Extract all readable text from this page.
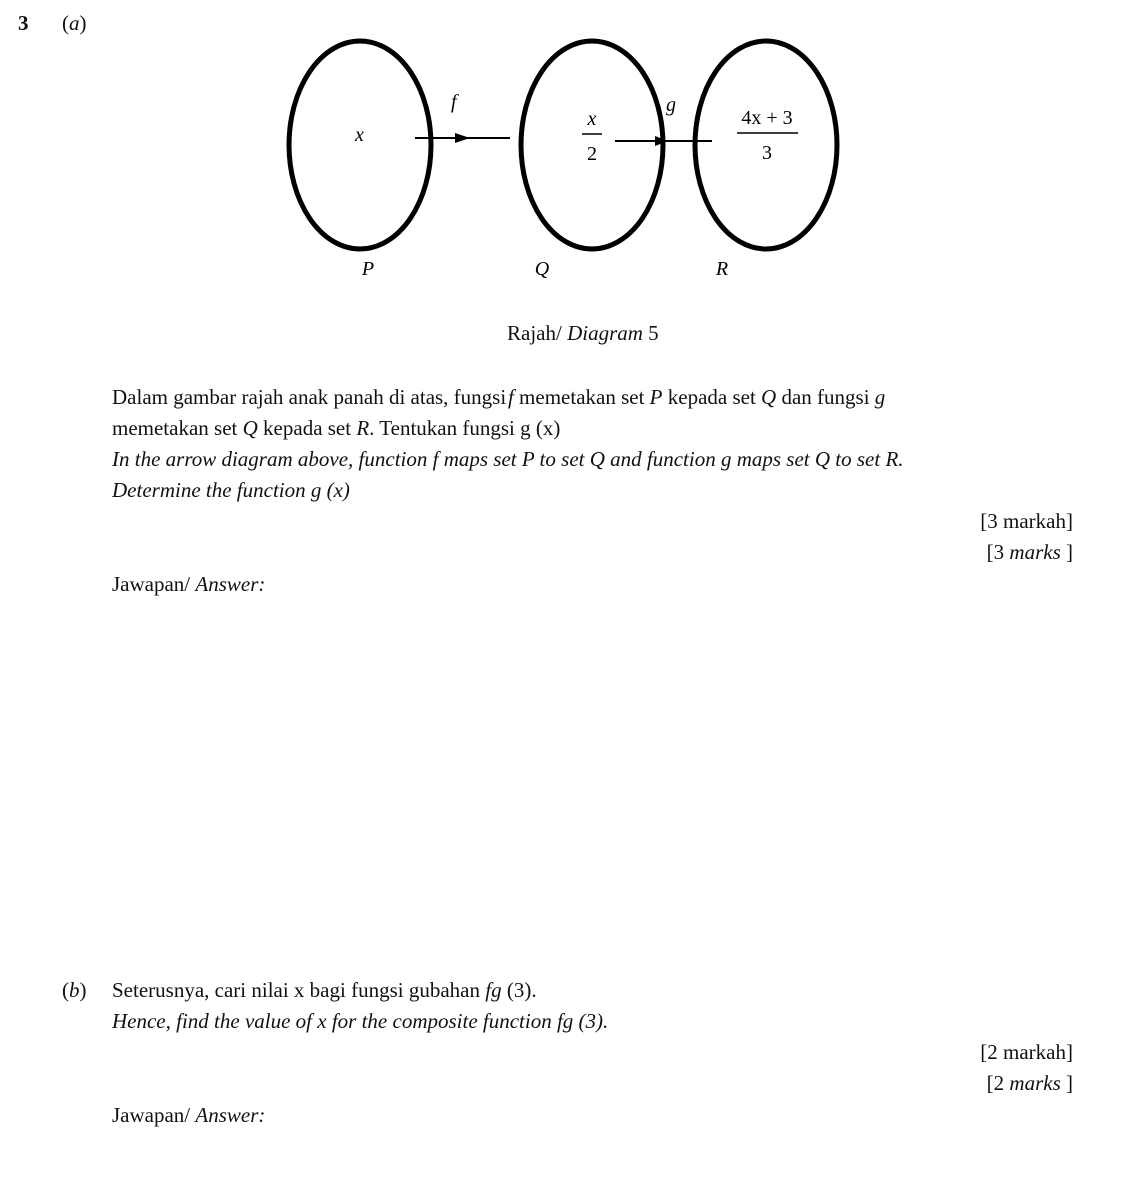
3 (a)
f	g
x
x
2
4x + 3
3
P	Q	R
Rajah/ Diagram 5
Dalam gambar rajah anak panah di atas, fungsi f memetakan set P kepada set Q dan fungsi g
memetakan set Q kepada set R. Tentukan fungsi g (x)
In the arrow diagram above, function f maps set P to set Q and function g maps set Q to set R.
Determine the function g (x)
[3 markah]
[3 marks ]
Jawapan/ Answer:
(b) Seterusnya, cari nilai x bagi fungsi gubahan fg (3).
Hence, find the value of x for the composite function fg (3).
[2 markah]
[2 marks ]
Jawapan/ Answer:
